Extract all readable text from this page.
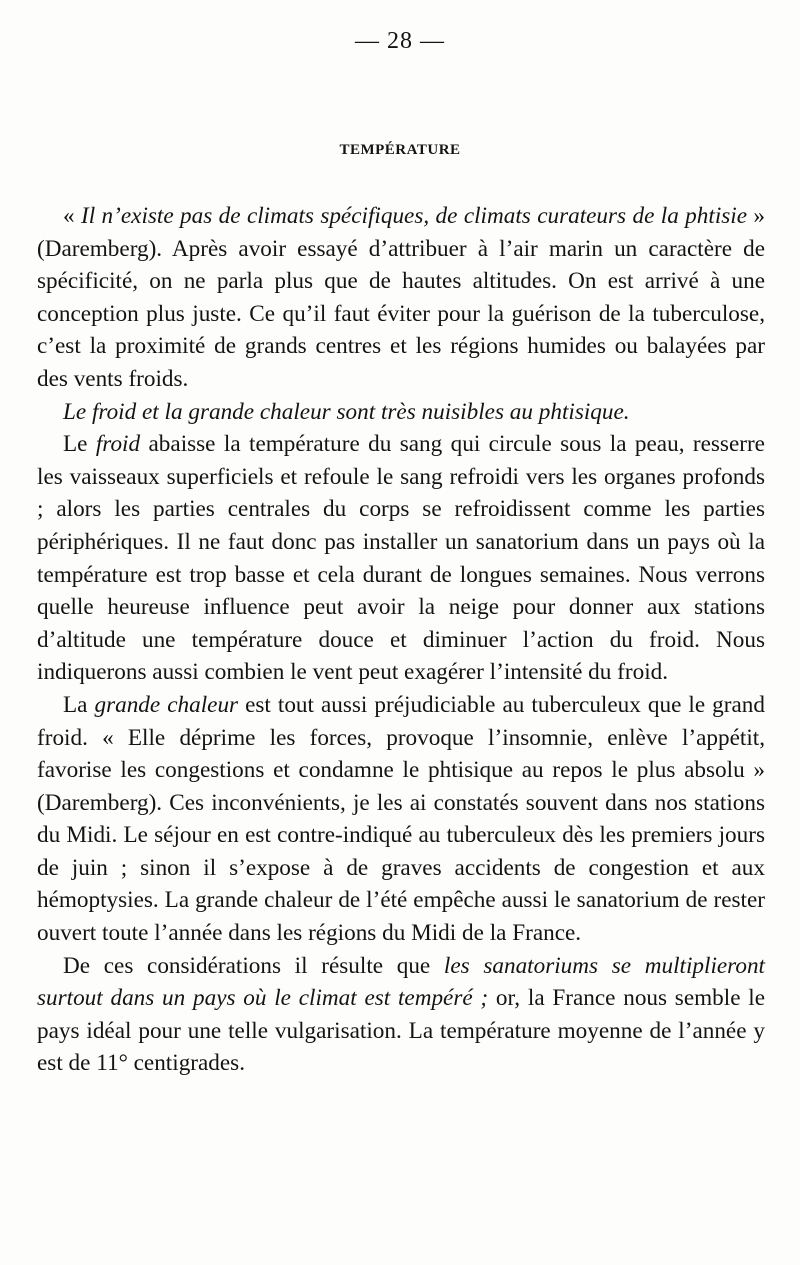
— 28 —
TEMPÉRATURE

« Il n’existe pas de climats spécifiques, de climats curateurs de la phtisie » (Daremberg). Après avoir essayé d’attribuer à l’air marin un caractère de spécificité, on ne parla plus que de hautes altitudes. On est arrivé à une conception plus juste. Ce qu’il faut éviter pour la guérison de la tuberculose, c’est la proximité de grands centres et les régions humides ou balayées par des vents froids.

Le froid et la grande chaleur sont très nuisibles au phtisique.

Le froid abaisse la température du sang qui circule sous la peau, resserre les vaisseaux superficiels et refoule le sang refroidi vers les organes profonds ; alors les parties centrales du corps se refroidissent comme les parties périphériques. Il ne faut donc pas installer un sanatorium dans un pays où la température est trop basse et cela durant de longues semaines. Nous verrons quelle heureuse influence peut avoir la neige pour donner aux stations d’altitude une température douce et diminuer l’action du froid. Nous indiquerons aussi combien le vent peut exagérer l’intensité du froid.

La grande chaleur est tout aussi préjudiciable au tuberculeux que le grand froid. « Elle déprime les forces, provoque l’insomnie, enlève l’appétit, favorise les congestions et condamne le phtisique au repos le plus absolu » (Daremberg). Ces inconvénients, je les ai constatés souvent dans nos stations du Midi. Le séjour en est contre-indiqué au tuberculeux dès les premiers jours de juin ; sinon il s’expose à de graves accidents de congestion et aux hémoptysies. La grande chaleur de l’été empêche aussi le sanatorium de rester ouvert toute l’année dans les régions du Midi de la France.

De ces considérations il résulte que les sanatoriums se multiplieront surtout dans un pays où le climat est tempéré ; or, la France nous semble le pays idéal pour une telle vulgarisation. La température moyenne de l’année y est de 11° centigrades.
